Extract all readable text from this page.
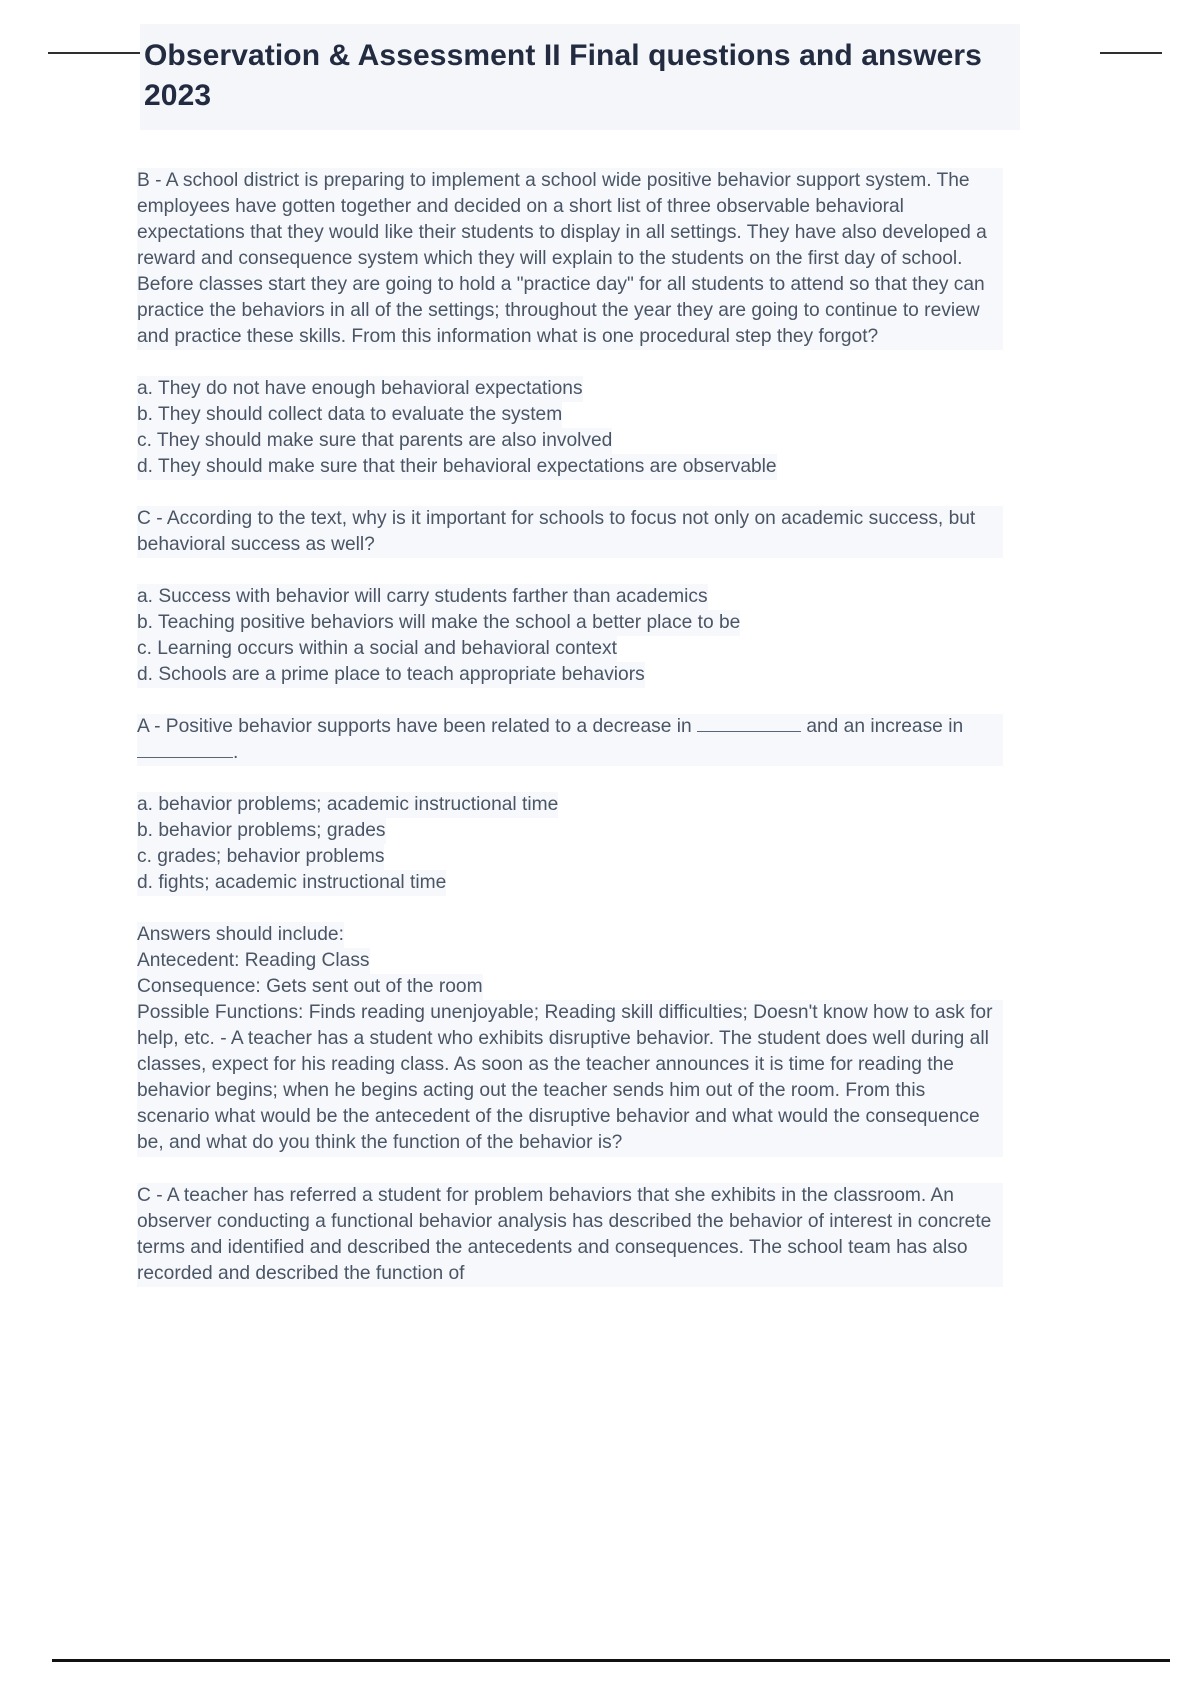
Observation & Assessment II Final questions and answers 2023

B - A school district is preparing to implement a school wide positive behavior support system. The employees have gotten together and decided on a short list of three observable behavioral expectations that they would like their students to display in all settings. They have also developed a reward and consequence system which they will explain to the students on the first day of school. Before classes start they are going to hold a "practice day" for all students to attend so that they can practice the behaviors in all of the settings; throughout the year they are going to continue to review and practice these skills. From this information what is one procedural step they forgot?

a. They do not have enough behavioral expectations
b. They should collect data to evaluate the system
c. They should make sure that parents are also involved
d. They should make sure that their behavioral expectations are observable

C - According to the text, why is it important for schools to focus not only on academic success, but behavioral success as well?

a. Success with behavior will carry students farther than academics
b. Teaching positive behaviors will make the school a better place to be
c. Learning occurs within a social and behavioral context
d. Schools are a prime place to teach appropriate behaviors

A - Positive behavior supports have been related to a decrease in	and an increase in .

a. behavior problems; academic instructional time
b. behavior problems; grades
c. grades; behavior problems
d. fights; academic instructional time
Answers should include:
Antecedent: Reading Class
Consequence: Gets sent out of the room

Possible Functions: Finds reading unenjoyable; Reading skill difficulties; Doesn't know how to ask for help, etc. - A teacher has a student who exhibits disruptive behavior. The student does well during all classes, expect for his reading class. As soon as the teacher announces it is time for reading the behavior begins; when he begins acting out the teacher sends him out of the room. From this scenario what would be the antecedent of the disruptive behavior and what would the consequence be, and what do you think the function of the behavior is?

C - A teacher has referred a student for problem behaviors that she exhibits in the classroom. An observer conducting a functional behavior analysis has described the behavior of interest in concrete terms and identified and described the antecedents and consequences. The school team has also recorded and described the function of
